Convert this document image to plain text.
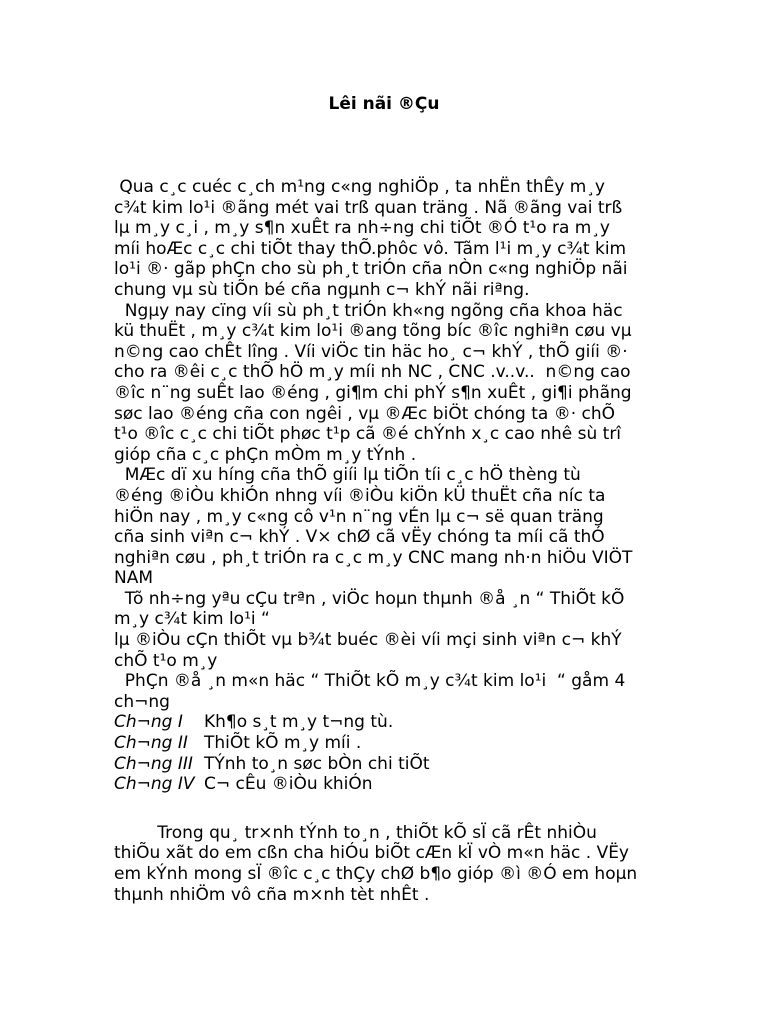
Lêi nãi ®Çu
Qua c¸c cuéc c¸ch m¹ng c«ng nghiÖp , ta nhËn thÊy m¸y
c¾t kim lo¹i ®ãng mét vai trß quan träng . Nã ®ãng vai trß
lµ m¸y c¸i , m¸y s¶n xuÊt ra nh÷ng chi tiÕt ®Ó t¹o ra m¸y
míi hoÆc c¸c chi tiÕt thay thÕ.phôc vô. Tãm l¹i m¸y c¾t kim
lo¹i ®· gãp phÇn cho sù ph¸t triÓn cña nÒn c«ng nghiÖp nãi
chung vµ sù tiÕn bé cña ngµnh c¬ khÝ nãi riªng.
Ngµy nay cïng víi sù ph¸t triÓn kh«ng ngõng cña khoa häc
kü thuËt , m¸y c¾t kim lo¹i ®ang tõng bíc ®îc nghiªn cøu vµ
n©ng cao chÊt lîng . Víi viÖc tin häc ho¸ c¬ khÝ , thÕ giíi ®·
cho ra ®êi c¸c thÕ hÖ m¸y míi nh NC , CNC .v..v..  n©ng cao
®îc n¨ng suÊt lao ®éng , gi¶m chi phÝ s¶n xuÊt , gi¶i phãng
søc lao ®éng cña con ngêi , vµ ®Æc biÖt chóng ta ®· chÕ
t¹o ®îc c¸c chi tiÕt phøc t¹p cã ®é chÝnh x¸c cao nhê sù trî
gióp cña c¸c phÇn mÒm m¸y tÝnh .
MÆc dï xu híng cña thÕ giíi lµ tiÕn tíi c¸c hÖ thèng tù
®éng ®iÒu khiÓn nhng víi ®iÒu kiÖn kÜ thuËt cña níc ta
hiÖn nay , m¸y c«ng cô v¹n n¨ng vÉn lµ c¬ së quan träng
cña sinh viªn c¬ khÝ . V× chØ cã vËy chóng ta míi cã thÓ
nghiªn cøu , ph¸t triÓn ra c¸c m¸y CNC mang nh·n hiÖu VIÖT
NAM
Tõ nh÷ng yªu cÇu trªn , viÖc hoµn thµnh ®å ¸n “ ThiÕt kÕ
m¸y c¾t kim lo¹i “
lµ ®iÒu cÇn thiÕt vµ b¾t buéc ®èi víi mçi sinh viªn c¬ khÝ
chÕ t¹o m¸y
PhÇn ®å ¸n m«n häc “ ThiÕt kÕ m¸y c¾t kim lo¹i  “ gåm 4
ch¬ng
Ch¬ng I Kh¶o s¸t m¸y t¬ng tù.
Ch¬ng II ThiÕt kÕ m¸y míi .
Ch¬ng III TÝnh to¸n søc bÒn chi tiÕt
Ch¬ng IV C¬ cÊu ®iÒu khiÓn
Trong qu¸ tr×nh tÝnh to¸n , thiÕt kÕ sÏ cã rÊt nhiÒu
thiÕu xãt do em cßn cha hiÓu biÕt cÆn kÏ vÒ m«n häc . VËy
em kÝnh mong sÏ ®îc c¸c thÇy chØ b¶o gióp ®ì ®Ó em hoµn
thµnh nhiÖm vô cña m×nh tèt nhÊt .
